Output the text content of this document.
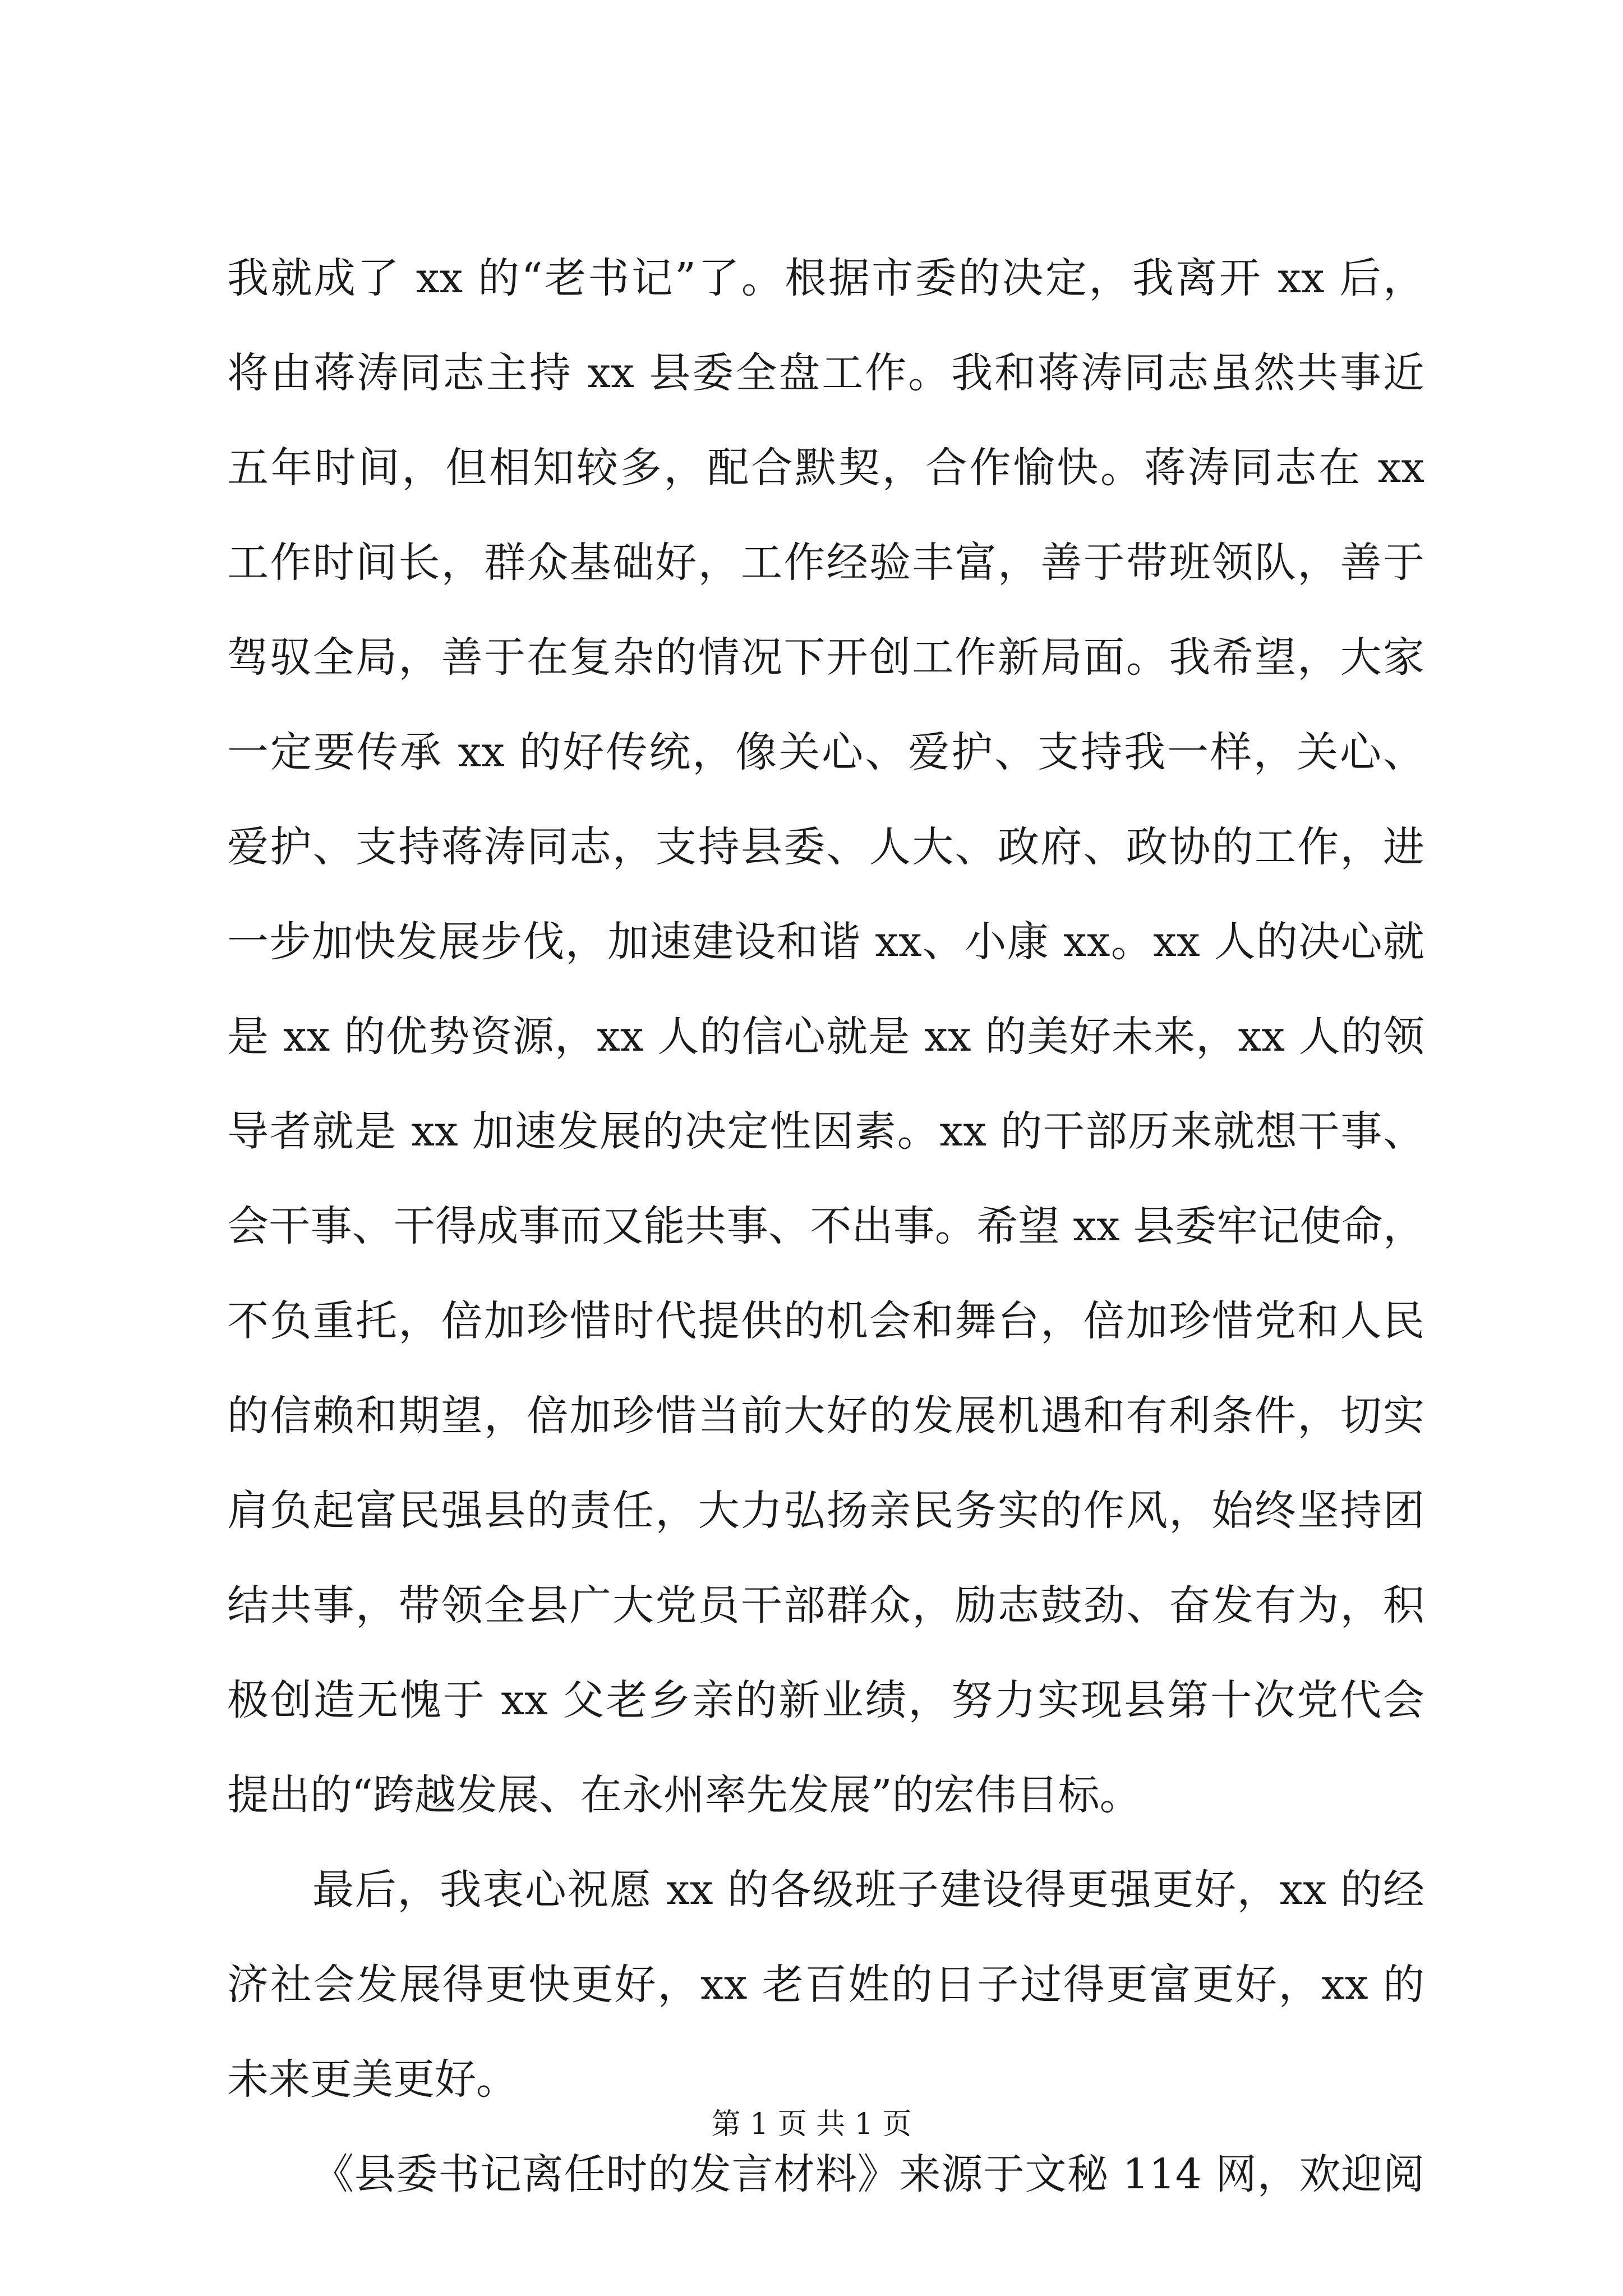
我就成了 xx 的“老书记”了。根据市委的决定，我离开 xx 后，
将由蒋涛同志主持 xx 县委全盘工作。我和蒋涛同志虽然共事近
五年时间，但相知较多，配合默契，合作愉快。蒋涛同志在 xx
工作时间长，群众基础好，工作经验丰富，善于带班领队，善于
驾驭全局，善于在复杂的情况下开创工作新局面。我希望，大家
一定要传承 xx 的好传统，像关心、爱护、支持我一样，关心、
爱护、支持蒋涛同志，支持县委、人大、政府、政协的工作，进
一步加快发展步伐，加速建设和谐 xx、小康 xx。xx 人的决心就
是 xx 的优势资源，xx 人的信心就是 xx 的美好未来，xx 人的领
导者就是 xx 加速发展的决定性因素。xx 的干部历来就想干事、
会干事、干得成事而又能共事、不出事。希望 xx 县委牢记使命，
不负重托，倍加珍惜时代提供的机会和舞台，倍加珍惜党和人民
的信赖和期望，倍加珍惜当前大好的发展机遇和有利条件，切实
肩负起富民强县的责任，大力弘扬亲民务实的作风，始终坚持团
结共事，带领全县广大党员干部群众，励志鼓劲、奋发有为，积
极创造无愧于 xx 父老乡亲的新业绩，努力实现县第十次党代会
提出的“跨越发展、在永州率先发展”的宏伟目标。
最后，我衷心祝愿 xx 的各级班子建设得更强更好，xx 的经
济社会发展得更快更好，xx 老百姓的日子过得更富更好，xx 的
未来更美更好。
《县委书记离任时的发言材料》来源于文秘 114 网，欢迎阅
第 1 页 共 1 页
